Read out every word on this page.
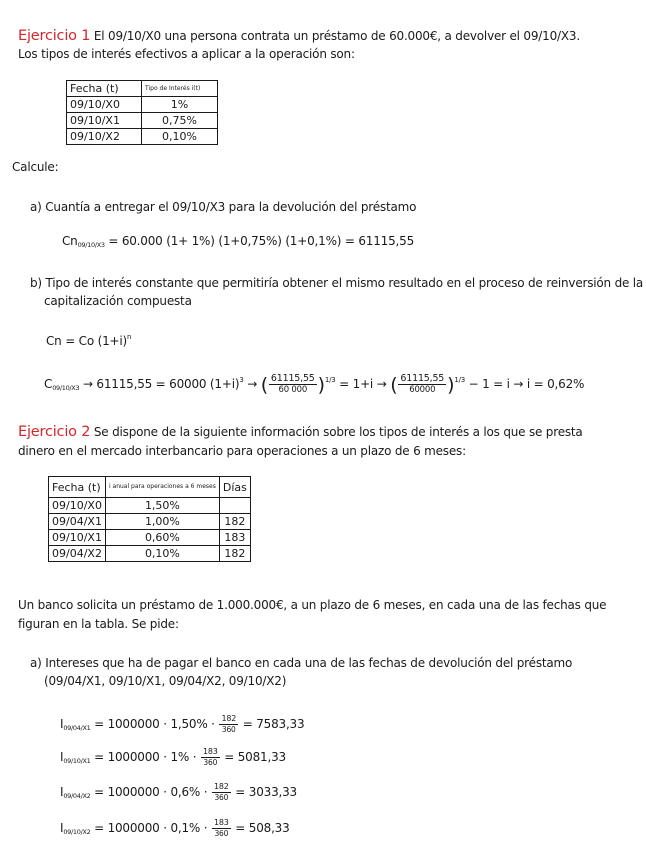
Ejercicio 1 El 09/10/X0 una persona contrata un préstamo de 60.000€, a devolver el 09/10/X3.
Los tipos de interés efectivos a aplicar a la operación son:
Fecha (t)	Tipo de Interés i(t)
09/10/X0	1%
09/10/X1	0,75%
09/10/X2	0,10%
Calcule:
a) Cuantía a entregar el 09/10/X3 para la devolución del préstamo
$Cn_{09/10/X3} = 60.000$ (1+ 1%) (1+0,75%) (1+0,1%) = 61115,55
b) Tipo de interés constante que permitiría obtener el mismo resultado en el proceso de reinversión de la
capitalización compuesta
Cn = Co $(1+i)^n$
$C_{09/10/X3} \to 61115,55 = 60000$ $(1+i)^3$ → ( $\frac{61115,55}{60 000} )^{1/3} = 1+i$ → ( $\frac{61115,55}{60000} )^{1/3} - 1 = i \to i = 0,62\%$
Ejercicio 2 Se dispone de la siguiente información sobre los tipos de interés a los que se presta
dinero en el mercado interbancario para operaciones a un plazo de 6 meses:
Fecha (t)	i anual para operaciones a 6 meses	Días
09/10/X0	1,50%	
09/04/X1	1,00%	182
09/10/X1	0,60%	183
09/04/X2	0,10%	182
Un banco solicita un préstamo de 1.000.000€, a un plazo de 6 meses, en cada una de las fechas que
figuran en la tabla. Se pide:
a) Intereses que ha de pagar el banco en cada una de las fechas de devolución del préstamo
(09/04/X1, 09/10/X1, 09/04/X2, 09/10/X2)
$I_{09/04/X1} = 1000000 \cdot 1,50\% \cdot \frac{182}{360} = 7583,33$
$I_{09/10/X1} = 1000000 \cdot 1\% \cdot \frac{183}{360} = 5081,33$
$I_{09/04/X2} = 1000000 \cdot 0,6\% \cdot \frac{182}{360} = 3033,33$
$I_{09/10/X2} = 1000000 \cdot 0,1\% \cdot \frac{183}{360} = 508,33$
